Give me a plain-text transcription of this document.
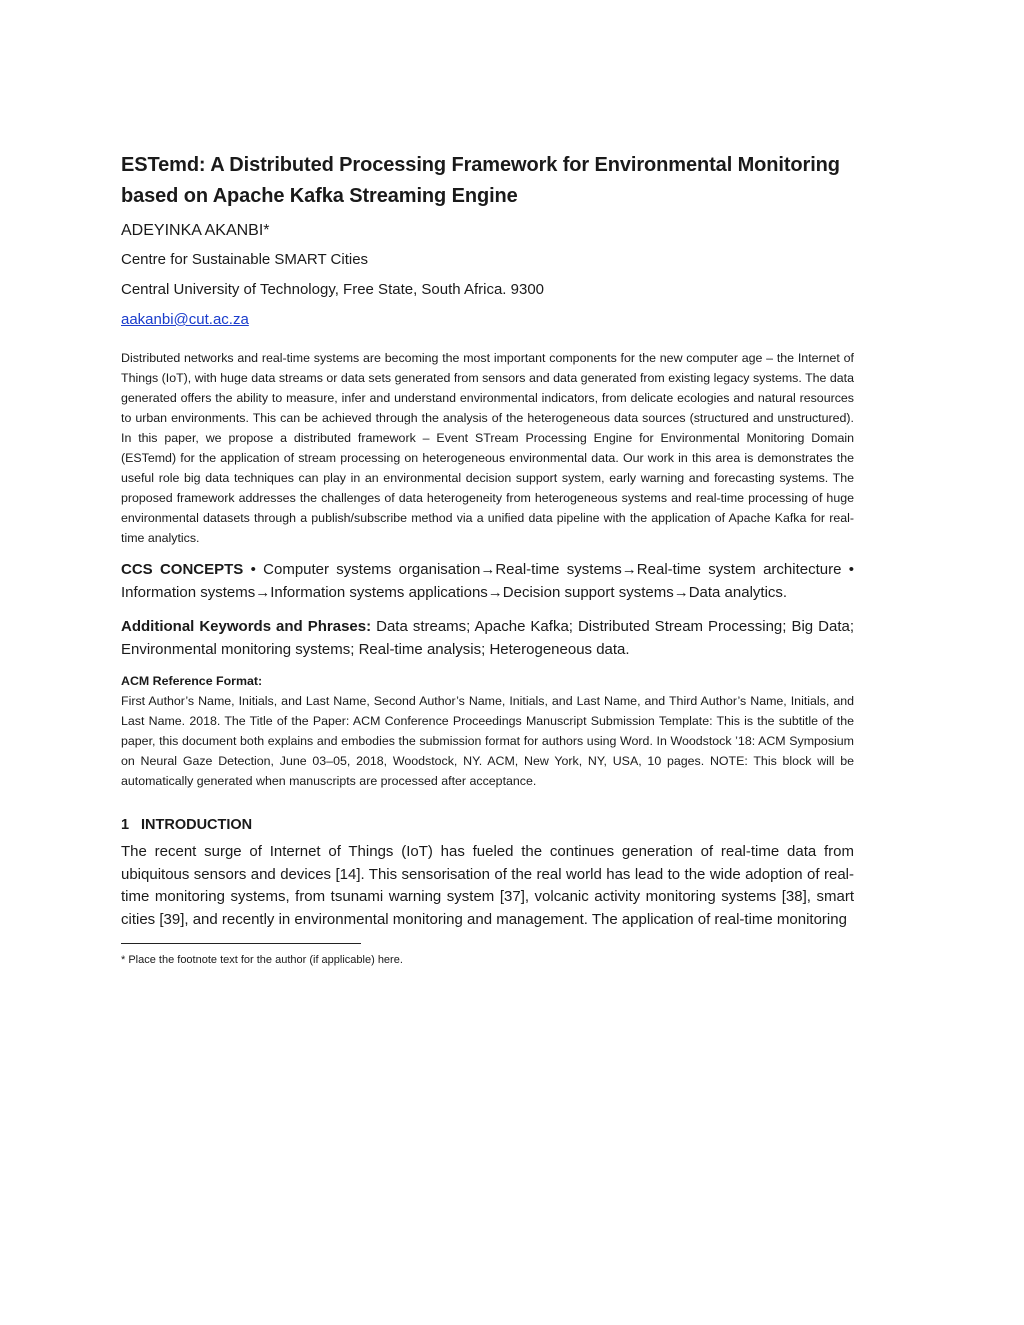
ESTemd: A Distributed Processing Framework for Environmental Monitoring based on Apache Kafka Streaming Engine
ADEYINKA AKANBI*
Centre for Sustainable SMART Cities
Central University of Technology, Free State, South Africa. 9300
aakanbi@cut.ac.za
Distributed networks and real-time systems are becoming the most important components for the new computer age – the Internet of Things (IoT), with huge data streams or data sets generated from sensors and data generated from existing legacy systems. The data generated offers the ability to measure, infer and understand environmental indicators, from delicate ecologies and natural resources to urban environments. This can be achieved through the analysis of the heterogeneous data sources (structured and unstructured). In this paper, we propose a distributed framework – Event STream Processing Engine for Environmental Monitoring Domain (ESTemd) for the application of stream processing on heterogeneous environmental data. Our work in this area is demonstrates the useful role big data techniques can play in an environmental decision support system, early warning and forecasting systems. The proposed framework addresses the challenges of data heterogeneity from heterogeneous systems and real-time processing of huge environmental datasets through a publish/subscribe method via a unified data pipeline with the application of Apache Kafka for real-time analytics.
CCS CONCEPTS • Computer systems organisation→Real-time systems→Real-time system architecture • Information systems→Information systems applications→Decision support systems→Data analytics.
Additional Keywords and Phrases: Data streams; Apache Kafka; Distributed Stream Processing; Big Data; Environmental monitoring systems; Real-time analysis; Heterogeneous data.
ACM Reference Format:
First Author’s Name, Initials, and Last Name, Second Author’s Name, Initials, and Last Name, and Third Author’s Name, Initials, and Last Name. 2018. The Title of the Paper: ACM Conference Proceedings Manuscript Submission Template: This is the subtitle of the paper, this document both explains and embodies the submission format for authors using Word. In Woodstock ’18: ACM Symposium on Neural Gaze Detection, June 03–05, 2018, Woodstock, NY. ACM, New York, NY, USA, 10 pages. NOTE: This block will be automatically generated when manuscripts are processed after acceptance.
1 INTRODUCTION
The recent surge of Internet of Things (IoT) has fueled the continues generation of real-time data from ubiquitous sensors and devices [14]. This sensorisation of the real world has lead to the wide adoption of real-time monitoring systems, from tsunami warning system [37], volcanic activity monitoring systems [38], smart cities [39], and recently in environmental monitoring and management. The application of real-time monitoring
* Place the footnote text for the author (if applicable) here.
